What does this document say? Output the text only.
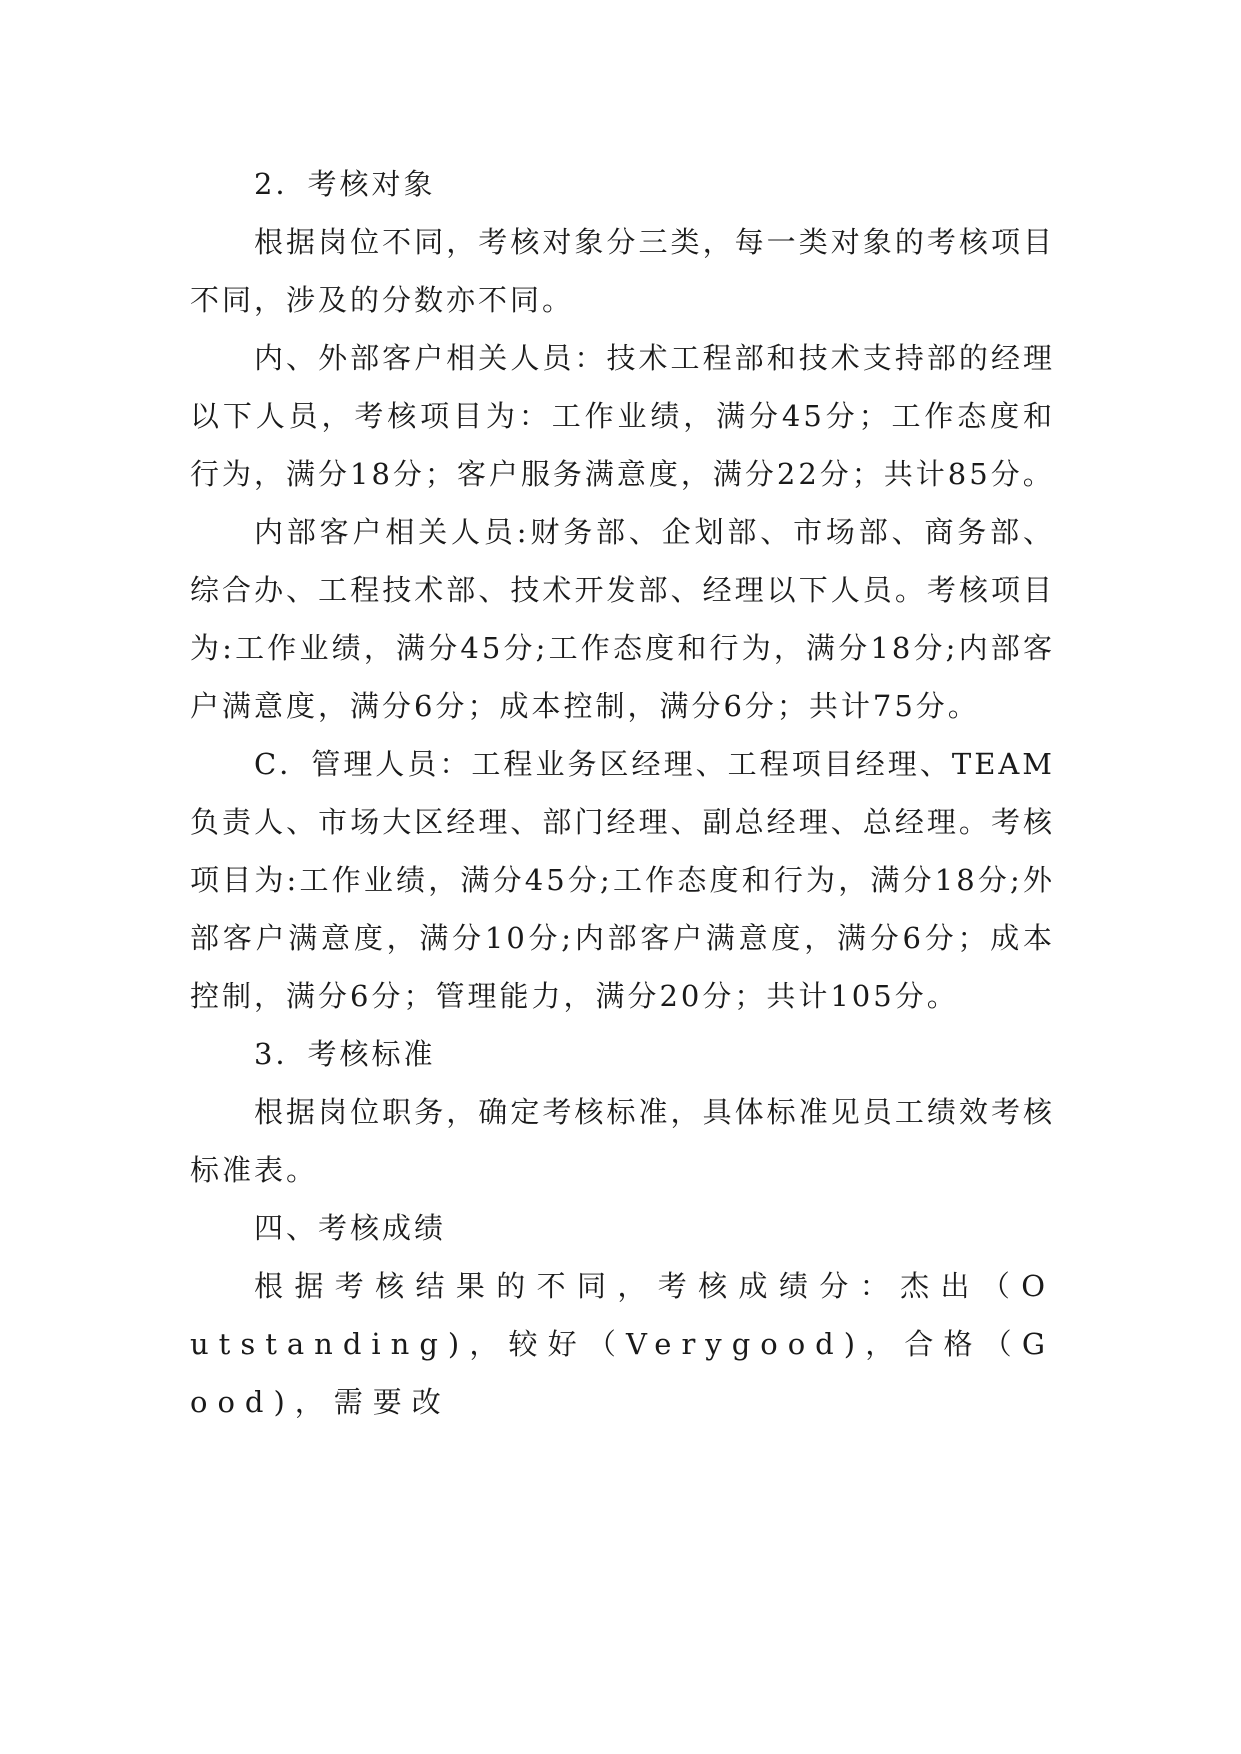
2．考核对象

根据岗位不同，考核对象分三类，每一类对象的考核项目不同，涉及的分数亦不同。

内、外部客户相关人员：技术工程部和技术支持部的经理以下人员，考核项目为：工作业绩，满分45分；工作态度和行为，满分18分；客户服务满意度，满分22分；共计85分。

内部客户相关人员:财务部、企划部、市场部、商务部、综合办、工程技术部、技术开发部、经理以下人员。考核项目为:工作业绩，满分45分;工作态度和行为，满分18分;内部客户满意度，满分6分；成本控制，满分6分；共计75分。

C．管理人员：工程业务区经理、工程项目经理、TEAM负责人、市场大区经理、部门经理、副总经理、总经理。考核项目为:工作业绩，满分45分;工作态度和行为，满分18分;外部客户满意度，满分10分;内部客户满意度，满分6分；成本控制，满分6分；管理能力，满分20分；共计105分。

3．考核标准

根据岗位职务，确定考核标准，具体标准见员工绩效考核标准表。

四、考核成绩

根据考核结果的不同，考核成绩分：杰出（Outstanding)，较好（Verygood)，合格（Good)，需要改
